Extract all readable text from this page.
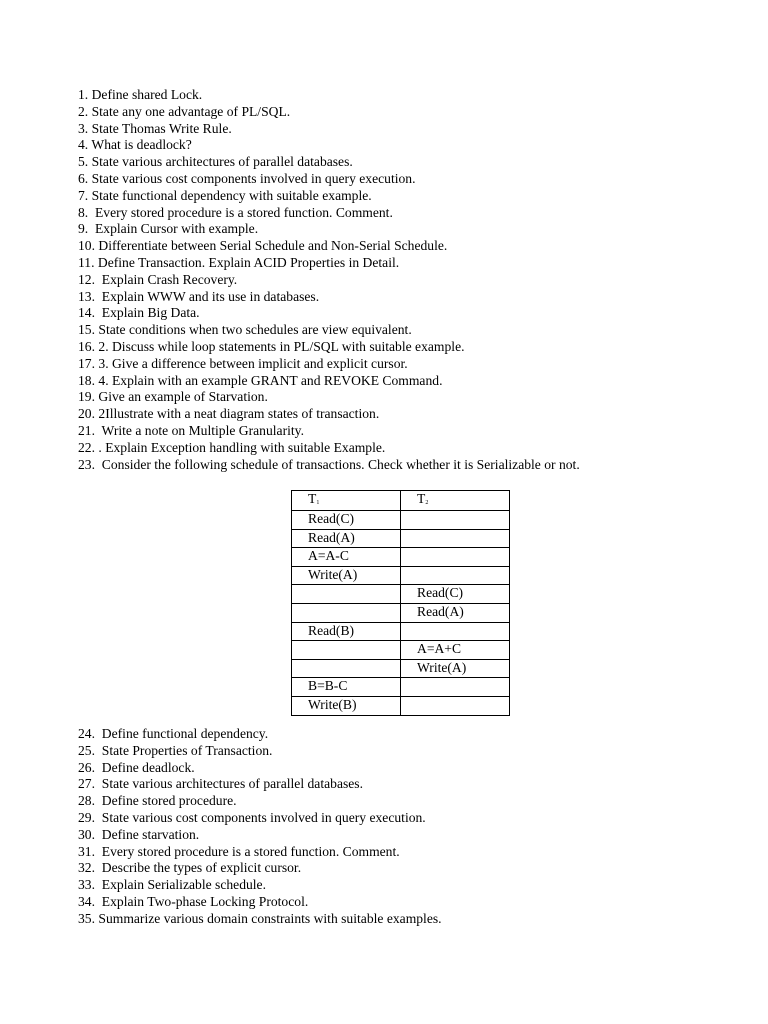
1. Define shared Lock.
2. State any one advantage of PL/SQL.
3. State Thomas Write Rule.
4. What is deadlock?
5. State various architectures of parallel databases.
6. State various cost components involved in query execution.
7. State functional dependency with suitable example.
8.  Every stored procedure is a stored function. Comment.
9.  Explain Cursor with example.
10. Differentiate between Serial Schedule and Non-Serial Schedule.
11. Define Transaction. Explain ACID Properties in Detail.
12.  Explain Crash Recovery.
13.  Explain WWW and its use in databases.
14.  Explain Big Data.
15. State conditions when two schedules are view equivalent.
16. 2. Discuss while loop statements in PL/SQL with suitable example.
17. 3. Give a difference between implicit and explicit cursor.
18. 4. Explain with an example GRANT and REVOKE Command.
19. Give an example of Starvation.
20. 2Illustrate with a neat diagram states of transaction.
21.  Write a note on Multiple Granularity.
22. . Explain Exception handling with suitable Example.
23.  Consider the following schedule of transactions. Check whether it is Serializable or not.
$T_1$	$T_2$
Read(C)	
Read(A)	
A=A-C	
Write(A)	
	Read(C)
	Read(A)
Read(B)	
	A=A+C
	Write(A)
B=B-C	
Write(B)	
24.  Define functional dependency.
25.  State Properties of Transaction.
26.  Define deadlock.
27.  State various architectures of parallel databases.
28.  Define stored procedure.
29.  State various cost components involved in query execution.
30.  Define starvation.
31.  Every stored procedure is a stored function. Comment.
32.  Describe the types of explicit cursor.
33.  Explain Serializable schedule.
34.  Explain Two-phase Locking Protocol.
35. Summarize various domain constraints with suitable examples.
